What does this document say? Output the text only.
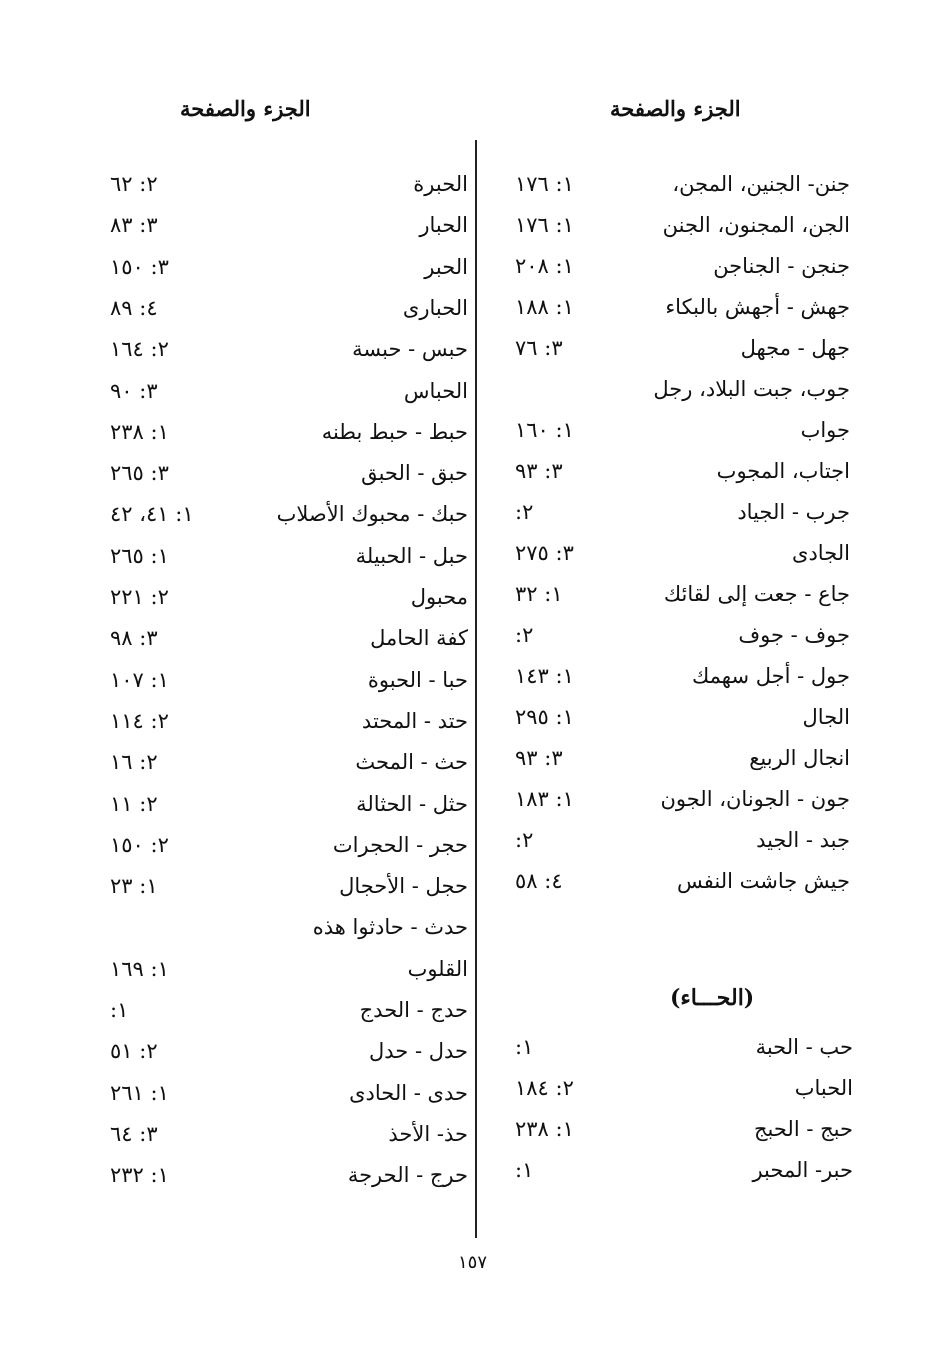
الجزء والصفحة
الجزء والصفحة
جنن- الجنين، المجن،
١: ١٧٦
الجن، المجنون، الجنن
١: ١٧٦
جنجن - الجناجن
١: ٢٠٨
جهش - أجهش بالبكاء
١: ١٨٨
جهل - مجهل
٣: ٧٦
جوب، جبت البلاد، رجل
جواب
١: ١٦٠
اجتاب، المجوب
٣: ٩٣
جرب - الجياد
٢:
الجادى
٣: ٢٧٥
جاع - جعت إلى لقائك
١: ٣٢
جوف - جوف
٢:
جول - أجل سهمك
١: ١٤٣
الجال
١: ٢٩٥
انجال الربيع
٣: ٩٣
جون - الجونان، الجون
١: ١٨٣
جبد - الجيد
٢:
جيش جاشت النفس
٤: ٥٨
(الحـــاء)
حب - الحبة
١:
الحباب
٢: ١٨٤
حبج - الحبج
١: ٢٣٨
حبر- المحبر
١:
الحبرة
٢: ٦٢
الحبار
٣: ٨٣
الحبر
٣: ١٥٠
الحبارى
٤: ٨٩
حبس - حبسة
٢: ١٦٤
الحباس
٣: ٩٠
حبط - حبط بطنه
١: ٢٣٨
حبق - الحبق
٣: ٢٦٥
حبك - محبوك الأصلاب
١: ٤١، ٤٢
حبل - الحبيلة
١: ٢٦٥
محبول
٢: ٢٢١
كفة الحامل
٣: ٩٨
حبا - الحبوة
١: ١٠٧
حتد - المحتد
٢: ١١٤
حث - المحث
٢: ١٦
حثل - الحثالة
٢: ١١
حجر - الحجرات
٢: ١٥٠
حجل - الأحجال
١: ٢٣
حدث - حادثوا هذه
القلوب
١: ١٦٩
حدج - الحدج
١:
حدل - حدل
٢: ٥١
حدى - الحادى
١: ٢٦١
حذ- الأحذ
٣: ٦٤
حرج - الحرجة
١: ٢٣٢
١٥٧
